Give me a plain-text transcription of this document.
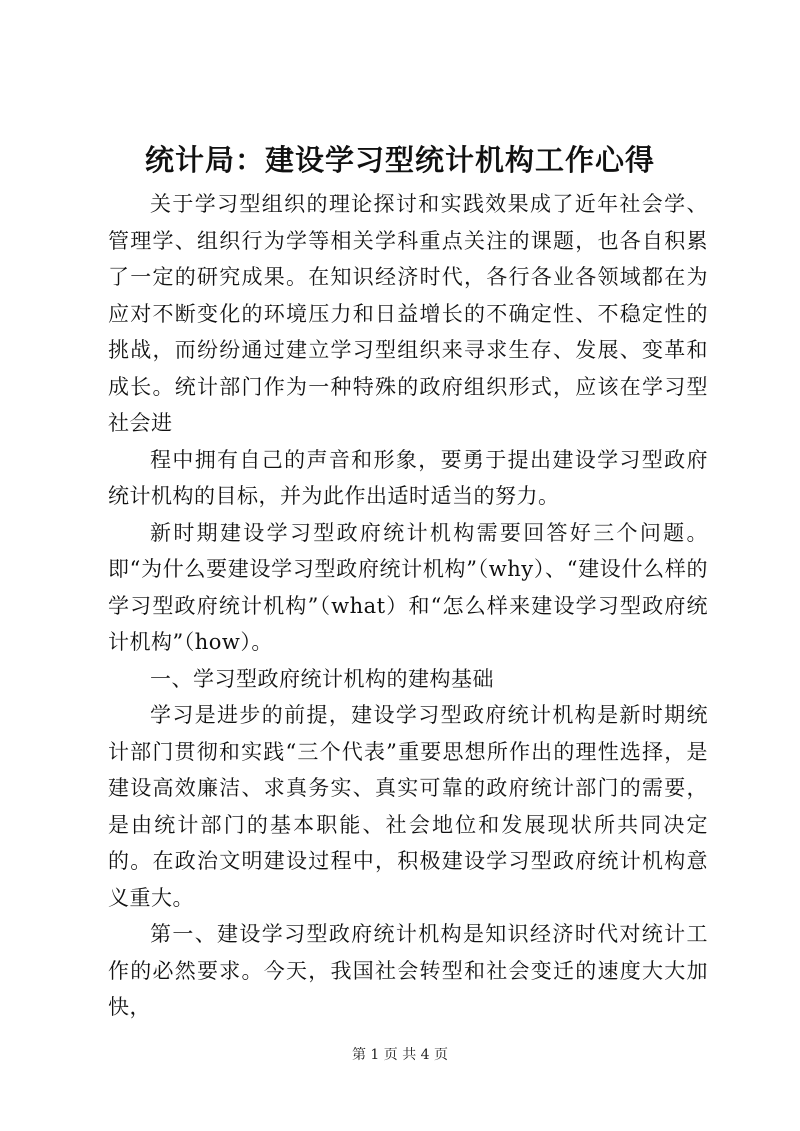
统计局：建设学习型统计机构工作心得

关于学习型组织的理论探讨和实践效果成了近年社会学、管理学、组织行为学等相关学科重点关注的课题，也各自积累了一定的研究成果。在知识经济时代，各行各业各领域都在为应对不断变化的环境压力和日益增长的不确定性、不稳定性的挑战，而纷纷通过建立学习型组织来寻求生存、发展、变革和成长。统计部门作为一种特殊的政府组织形式，应该在学习型社会进

程中拥有自己的声音和形象，要勇于提出建设学习型政府统计机构的目标，并为此作出适时适当的努力。

新时期建设学习型政府统计机构需要回答好三个问题。即“为什么要建设学习型政府统计机构”（why）、“建设什么样的学习型政府统计机构”（what）和“怎么样来建设学习型政府统计机构”（how）。

一、学习型政府统计机构的建构基础

学习是进步的前提，建设学习型政府统计机构是新时期统计部门贯彻和实践“三个代表”重要思想所作出的理性选择，是建设高效廉洁、求真务实、真实可靠的政府统计部门的需要，是由统计部门的基本职能、社会地位和发展现状所共同决定的。在政治文明建设过程中，积极建设学习型政府统计机构意义重大。

第一、建设学习型政府统计机构是知识经济时代对统计工作的必然要求。今天，我国社会转型和社会变迁的速度大大加快，

第 1 页 共 4 页
